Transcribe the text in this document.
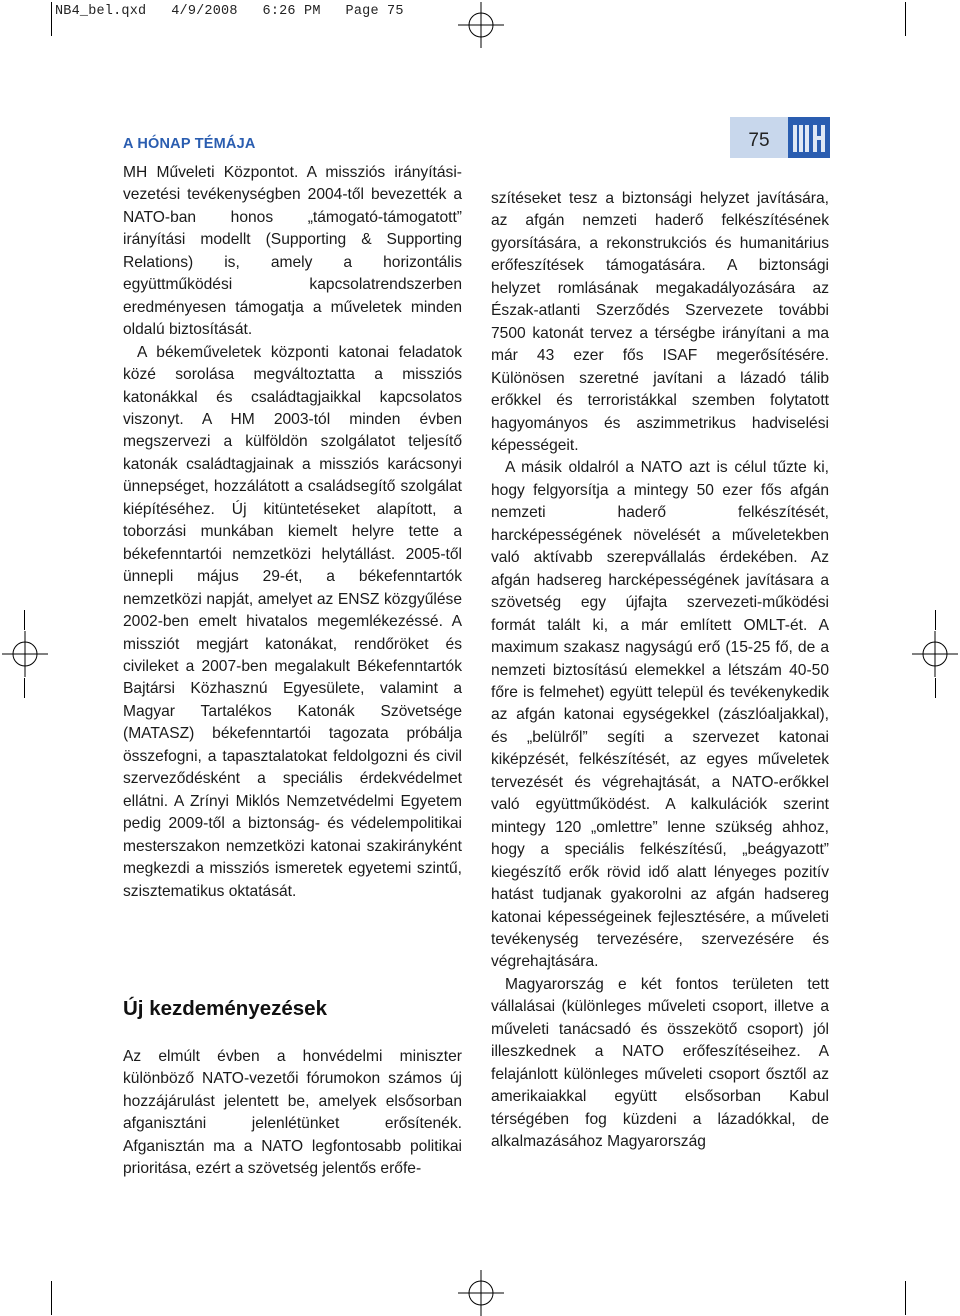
NB4_bel.qxd   4/9/2008   6:26 PM   Page 75
A HÓNAP TÉMÁJA	75

MH Műveleti Központot. A missziós irányítási-vezetési tevékenységben 2004-től bevezették a NATO-ban honos „támogató-támogatott” irányítási modellt (Supporting & Supporting Relations) is, amely a horizontális együttműködési kapcsolatrendszerben eredményesen támogatja a műveletek minden oldalú biztosítását.

A békeműveletek központi katonai feladatok közé sorolása megváltoztatta a missziós katonákkal és családtagjaikkal kapcsolatos viszonyt. A HM 2003-tól minden évben megszervezi a külföldön szolgálatot teljesítő katonák családtagjainak a missziós karácsonyi ünnepséget, hozzálátott a családsegítő szolgálat kiépítéséhez. Új kitüntetéseket alapított, a toborzási munkában kiemelt helyre tette a békefenntartói nemzetközi helytállást. 2005-től ünnepli május 29-ét, a békefenntartók nemzetközi napját, amelyet az ENSZ közgyűlése 2002-ben emelt hivatalos megemlékezéssé. A missziót megjárt katonákat, rendőröket és civileket a 2007-ben megalakult Békefenntartók Bajtársi Közhasznú Egyesülete, valamint a Magyar Tartalékos Katonák Szövetsége (MATASZ) békefenntartói tagozata próbálja összefogni, a tapasztalatokat feldolgozni és civil szerveződésként a speciális érdekvédelmet ellátni. A Zrínyi Miklós Nemzetvédelmi Egyetem pedig 2009-től a biztonság- és védelempolitikai mesterszakon nemzetközi katonai szakirányként megkezdi a missziós ismeretek egyetemi szintű, szisztematikus oktatását.

Új kezdeményezések

Az elmúlt évben a honvédelmi miniszter különböző NATO-vezetői fórumokon számos új hozzájárulást jelentett be, amelyek elsősorban afganisztáni jelenlétünket erősítenék. Afganisztán ma a NATO legfontosabb politikai prioritása, ezért a szövetség jelentős erőfe-

szítéseket tesz a biztonsági helyzet javítására, az afgán nemzeti haderő felkészítésének gyorsítására, a rekonstrukciós és humanitárius erőfeszítések támogatására. A biztonsági helyzet romlásának megakadályozására az Észak-atlanti Szerződés Szervezete további 7500 katonát tervez a térségbe irányítani a ma már 43 ezer fős ISAF megerősítésére. Különösen szeretné javítani a lázadó tálib erőkkel és terroristákkal szemben folytatott hagyományos és aszimmetrikus hadviselési képességeit.

A másik oldalról a NATO azt is célul tűzte ki, hogy felgyorsítja a mintegy 50 ezer fős afgán nemzeti haderő felkészítését, harcképességének növelését a műveletekben való aktívabb szerepvállalás érdekében. Az afgán hadsereg harcképességének javításara a szövetség egy újfajta szervezeti-működési formát talált ki, a már említett OMLT-ét. A maximum szakasz nagyságú erő (15-25 fő, de a nemzeti biztosítású elemekkel a létszám 40-50 főre is felmehet) együtt települ és tevékenykedik az afgán katonai egységekkel (zászlóaljakkal), és „belülről” segíti a szervezet katonai kiképzését, felkészítését, az egyes műveletek tervezését és végrehajtását, a NATO-erőkkel való együttműködést. A kalkulációk szerint mintegy 120 „omlettre” lenne szükség ahhoz, hogy a speciális felkészítésű, „beágyazott” kiegészítő erők rövid idő alatt lényeges pozitív hatást tudjanak gyakorolni az afgán hadsereg katonai képességeinek fejlesztésére, a műveleti tevékenység tervezésére, szervezésére és végrehajtására.

Magyarország e két fontos területen tett vállalásai (különleges műveleti csoport, illetve a műveleti tanácsadó és összekötő csoport) jól illeszkednek a NATO erőfeszítéseihez. A felajánlott különleges műveleti csoport ősztől az amerikaiakkal együtt elsősorban Kabul térségében fog küzdeni a lázadókkal, de alkalmazásához Magyarország
